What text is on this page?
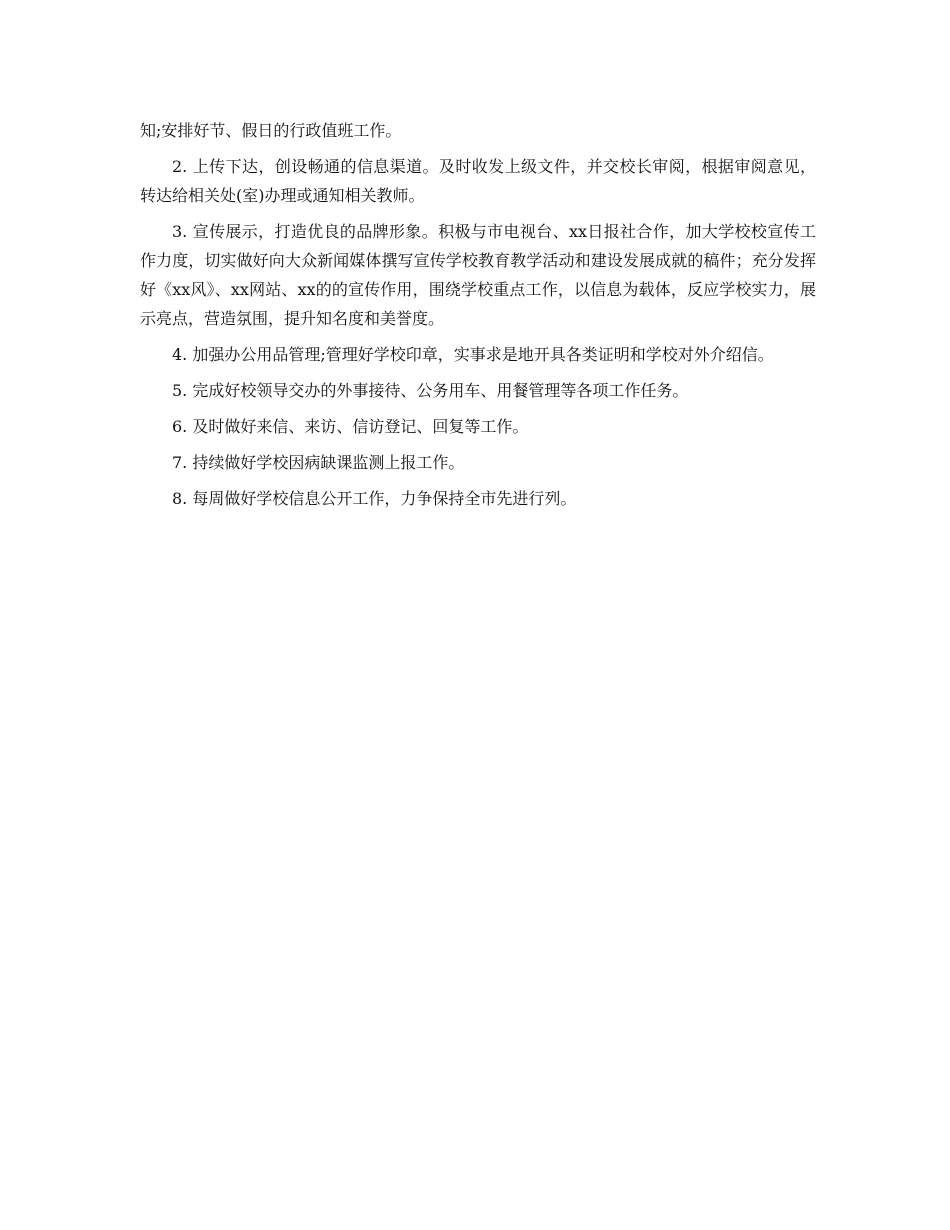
知;安排好节、假日的行政值班工作。

2. 上传下达，创设畅通的信息渠道。及时收发上级文件，并交校长审阅，根据审阅意见，转达给相关处(室)办理或通知相关教师。

3. 宣传展示，打造优良的品牌形象。积极与市电视台、xx日报社合作，加大学校校宣传工作力度，切实做好向大众新闻媒体撰写宣传学校教育教学活动和建设发展成就的稿件；充分发挥好《xx风》、xx网站、xx的的宣传作用，围绕学校重点工作，以信息为载体，反应学校实力，展示亮点，营造氛围，提升知名度和美誉度。

4. 加强办公用品管理;管理好学校印章，实事求是地开具各类证明和学校对外介绍信。

5. 完成好校领导交办的外事接待、公务用车、用餐管理等各项工作任务。

6. 及时做好来信、来访、信访登记、回复等工作。

7. 持续做好学校因病缺课监测上报工作。

8. 每周做好学校信息公开工作，力争保持全市先进行列。
